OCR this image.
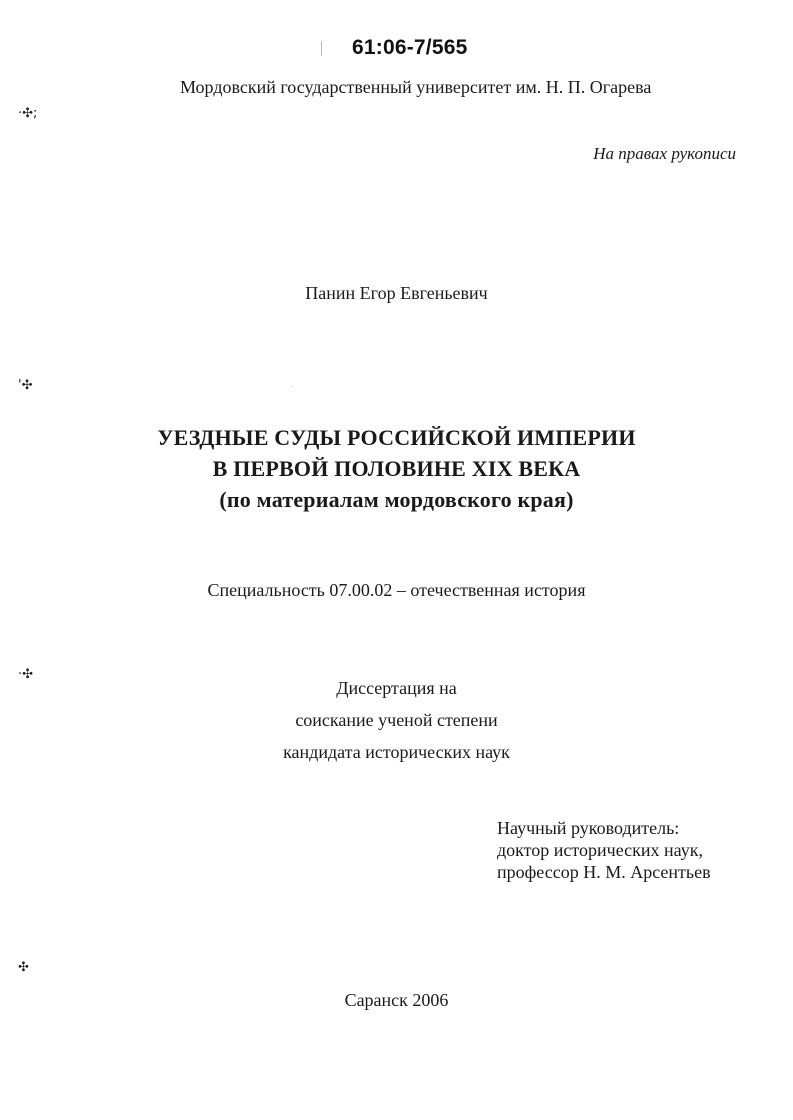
61:06-7/565
Мордовский государственный университет им. Н. П. Огарева
На правах рукописи
Панин Егор Евгеньевич
УЕЗДНЫЕ СУДЫ РОССИЙСКОЙ ИМПЕРИИ
В ПЕРВОЙ ПОЛОВИНЕ XIX ВЕКА
(по материалам мордовского края)
Специальность 07.00.02 – отечественная история
Диссертация на
соискание ученой степени
кандидата исторических наук
Научный руководитель:
доктор исторических наук,
профессор Н. М. Арсентьев
Саранск 2006
·✣;
'✣
·✣
✣
